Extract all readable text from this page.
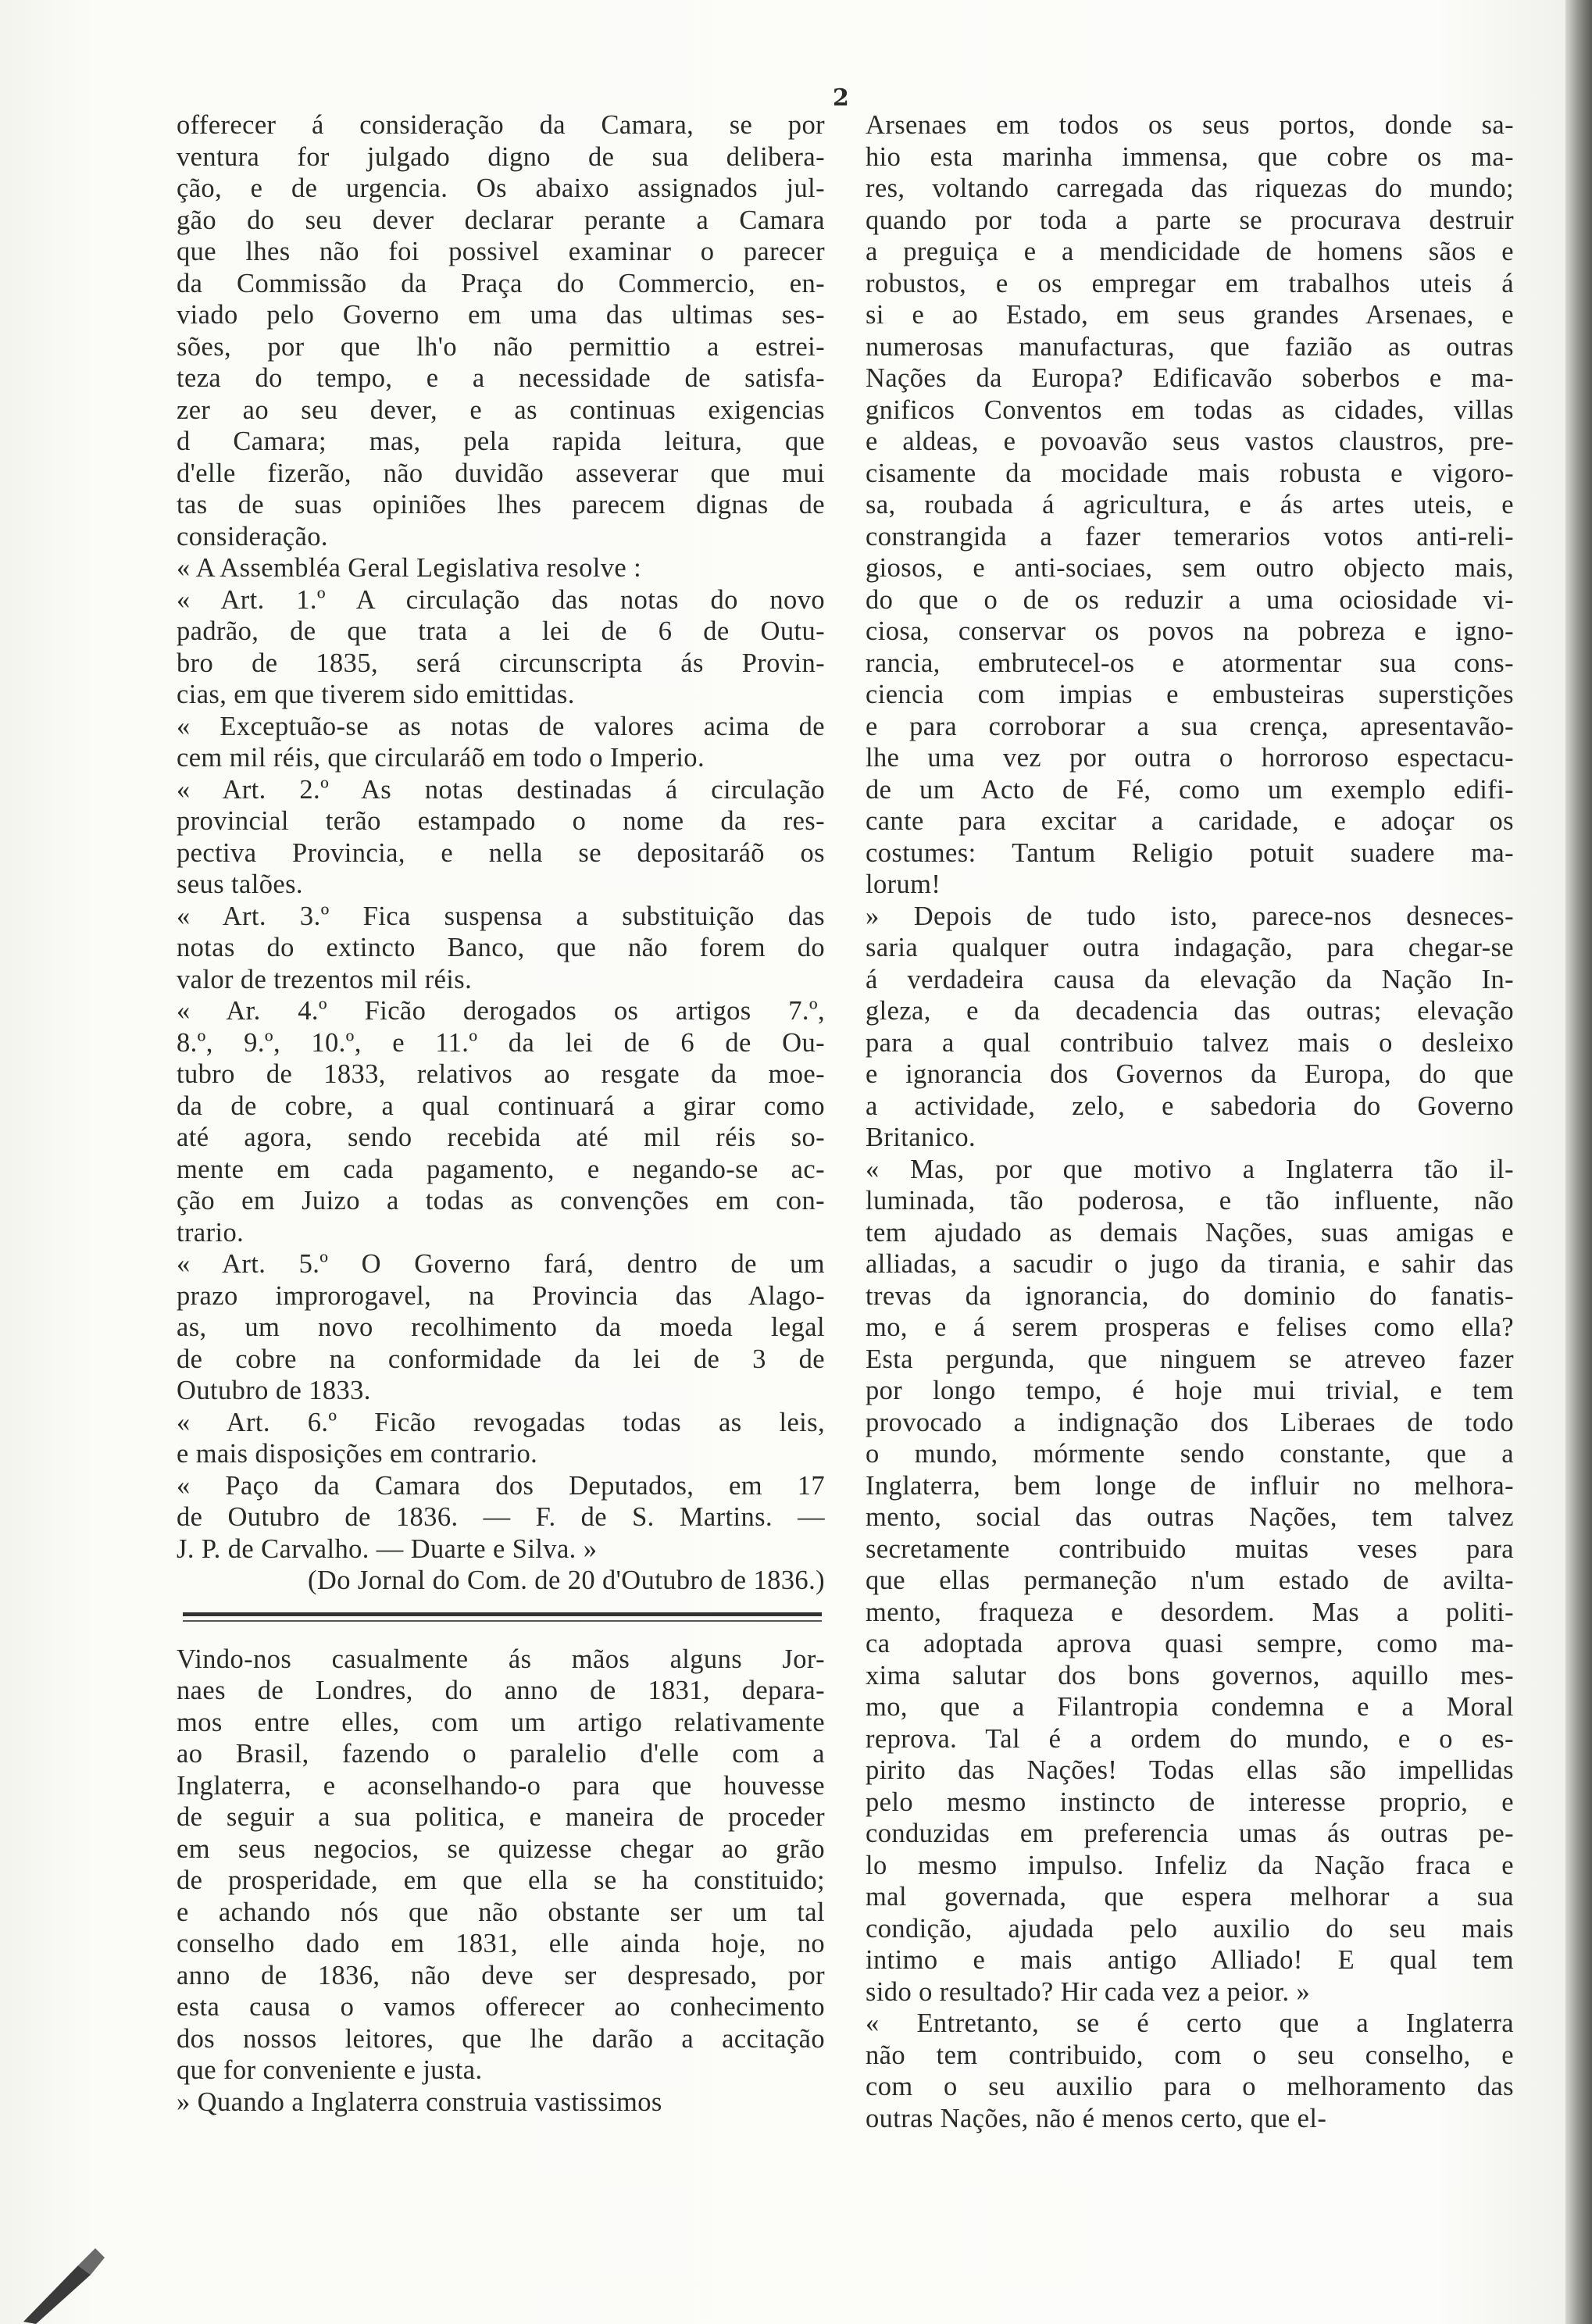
2
offerecer á consideração da Camara, se por
ventura for julgado digno de sua delibera-
ção, e de urgencia. Os abaixo assignados jul-
gão do seu dever declarar perante a Camara
que lhes não foi possivel examinar o parecer
da Commissão da Praça do Commercio, en-
viado pelo Governo em uma das ultimas ses-
sões, por que lh'o não permittio a estrei-
teza do tempo, e a necessidade de satisfa-
zer ao seu dever, e as continuas exigencias
d Camara; mas, pela rapida leitura, que
d'elle fizerão, não duvidão asseverar que mui
tas de suas opiniões lhes parecem dignas de
consideração.
« A Assembléa Geral Legislativa resolve :
« Art. 1.º A circulação das notas do novo
padrão, de que trata a lei de 6 de Outu-
bro de 1835, será circunscripta ás Provin-
cias, em que tiverem sido emittidas.
« Exceptuão-se as notas de valores acima de
cem mil réis, que circularáõ em todo o Imperio.
« Art. 2.º As notas destinadas á circulação
provincial terão estampado o nome da res-
pectiva Provincia, e nella se depositaráõ os
seus talões.
« Art. 3.º Fica suspensa a substituição das
notas do extincto Banco, que não forem do
valor de trezentos mil réis.
« Ar. 4.º Ficão derogados os artigos 7.º,
8.º, 9.º, 10.º, e 11.º da lei de 6 de Ou-
tubro de 1833, relativos ao resgate da moe-
da de cobre, a qual continuará a girar como
até agora, sendo recebida até mil réis so-
mente em cada pagamento, e negando-se ac-
ção em Juizo a todas as convenções em con-
trario.
« Art. 5.º O Governo fará, dentro de um
prazo improrogavel, na Provincia das Alago-
as, um novo recolhimento da moeda legal
de cobre na conformidade da lei de 3 de
Outubro de 1833.
« Art. 6.º Ficão revogadas todas as leis,
e mais disposições em contrario.
« Paço da Camara dos Deputados, em 17
de Outubro de 1836. — F. de S. Martins. —
J. P. de Carvalho. — Duarte e Silva. »
(Do Jornal do Com. de 20 d'Outubro de 1836.)
Vindo-nos casualmente ás mãos alguns Jor-
naes de Londres, do anno de 1831, depara-
mos entre elles, com um artigo relativamente
ao Brasil, fazendo o paralelio d'elle com a
Inglaterra, e aconselhando-o para que houvesse
de seguir a sua politica, e maneira de proceder
em seus negocios, se quizesse chegar ao grão
de prosperidade, em que ella se ha constituido;
e achando nós que não obstante ser um tal
conselho dado em 1831, elle ainda hoje, no
anno de 1836, não deve ser despresado, por
esta causa o vamos offerecer ao conhecimento
dos nossos leitores, que lhe darão a accitação
que for conveniente e justa.
» Quando a Inglaterra construia vastissimos
Arsenaes em todos os seus portos, donde sa-
hio esta marinha immensa, que cobre os ma-
res, voltando carregada das riquezas do mundo;
quando por toda a parte se procurava destruir
a preguiça e a mendicidade de homens sãos e
robustos, e os empregar em trabalhos uteis á
si e ao Estado, em seus grandes Arsenaes, e
numerosas manufacturas, que fazião as outras
Nações da Europa? Edificavão soberbos e ma-
gnificos Conventos em todas as cidades, villas
e aldeas, e povoavão seus vastos claustros, pre-
cisamente da mocidade mais robusta e vigoro-
sa, roubada á agricultura, e ás artes uteis, e
constrangida a fazer temerarios votos anti-reli-
giosos, e anti-sociaes, sem outro objecto mais,
do que o de os reduzir a uma ociosidade vi-
ciosa, conservar os povos na pobreza e igno-
rancia, embrutecel-os e atormentar sua cons-
ciencia com impias e embusteiras superstições
e para corroborar a sua crença, apresentavão-
lhe uma vez por outra o horroroso espectacu-
de um Acto de Fé, como um exemplo edifi-
cante para excitar a caridade, e adoçar os
costumes: Tantum Religio potuit suadere ma-
lorum!
» Depois de tudo isto, parece-nos desneces-
saria qualquer outra indagação, para chegar-se
á verdadeira causa da elevação da Nação In-
gleza, e da decadencia das outras; elevação
para a qual contribuio talvez mais o desleixo
e ignorancia dos Governos da Europa, do que
a actividade, zelo, e sabedoria do Governo
Britanico.
« Mas, por que motivo a Inglaterra tão il-
luminada, tão poderosa, e tão influente, não
tem ajudado as demais Nações, suas amigas e
alliadas, a sacudir o jugo da tirania, e sahir das
trevas da ignorancia, do dominio do fanatis-
mo, e á serem prosperas e felises como ella?
Esta pergunda, que ninguem se atreveo fazer
por longo tempo, é hoje mui trivial, e tem
provocado a indignação dos Liberaes de todo
o mundo, mórmente sendo constante, que a
Inglaterra, bem longe de influir no melhora-
mento, social das outras Nações, tem talvez
secretamente contribuido muitas veses para
que ellas permaneção n'um estado de avilta-
mento, fraqueza e desordem. Mas a politi-
ca adoptada aprova quasi sempre, como ma-
xima salutar dos bons governos, aquillo mes-
mo, que a Filantropia condemna e a Moral
reprova. Tal é a ordem do mundo, e o es-
pirito das Nações! Todas ellas são impellidas
pelo mesmo instincto de interesse proprio, e
conduzidas em preferencia umas ás outras pe-
lo mesmo impulso. Infeliz da Nação fraca e
mal governada, que espera melhorar a sua
condição, ajudada pelo auxilio do seu mais
intimo e mais antigo Alliado! E qual tem
sido o resultado? Hir cada vez a peior. »
« Entretanto, se é certo que a Inglaterra
não tem contribuido, com o seu conselho, e
com o seu auxilio para o melhoramento das
outras Nações, não é menos certo, que el-
